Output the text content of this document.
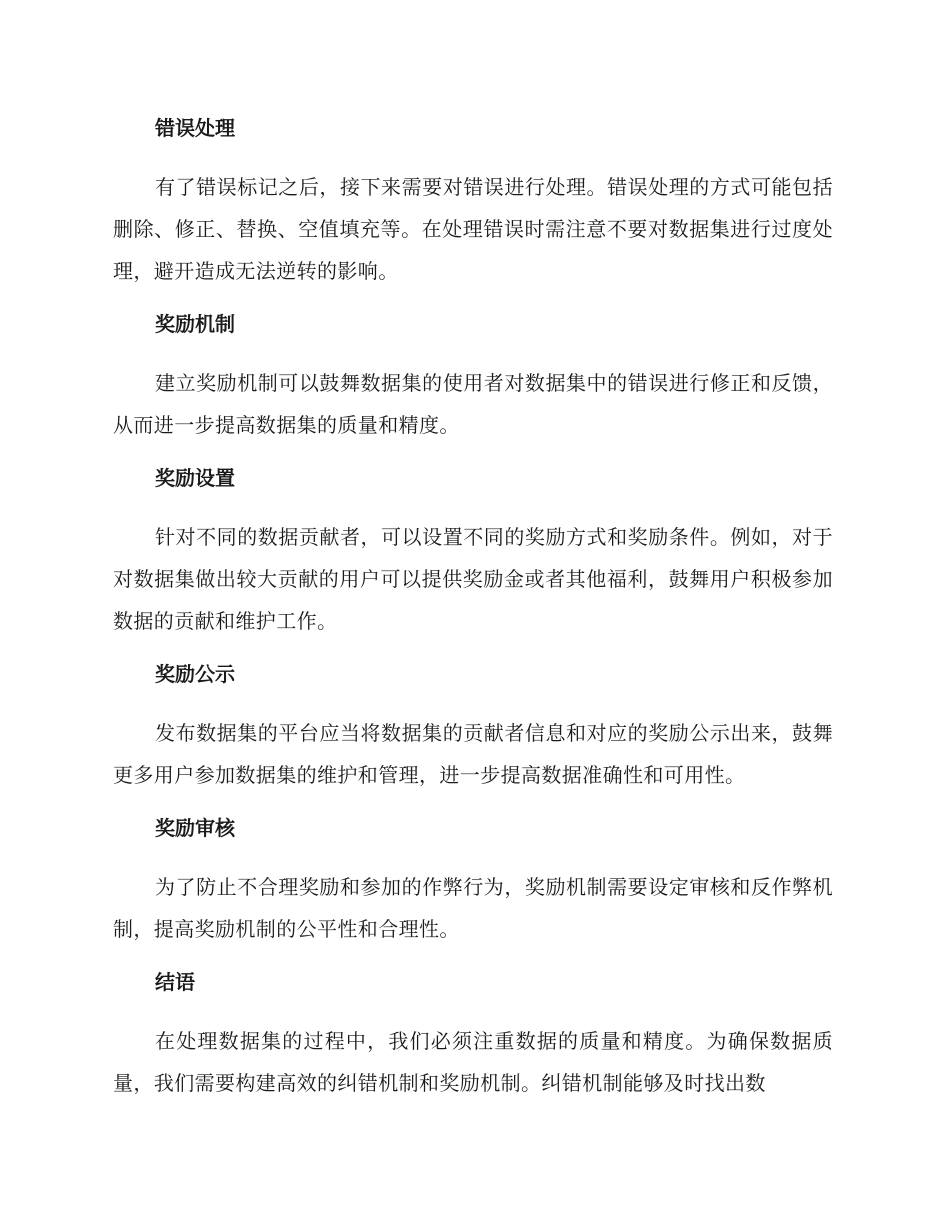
错误处理

有了错误标记之后，接下来需要对错误进行处理。错误处理的方式可能包括删除、修正、替换、空值填充等。在处理错误时需注意不要对数据集进行过度处理，避开造成无法逆转的影响。

奖励机制

建立奖励机制可以鼓舞数据集的使用者对数据集中的错误进行修正和反馈，从而进一步提高数据集的质量和精度。

奖励设置

针对不同的数据贡献者，可以设置不同的奖励方式和奖励条件。例如，对于对数据集做出较大贡献的用户可以提供奖励金或者其他福利，鼓舞用户积极参加数据的贡献和维护工作。

奖励公示

发布数据集的平台应当将数据集的贡献者信息和对应的奖励公示出来，鼓舞更多用户参加数据集的维护和管理，进一步提高数据准确性和可用性。

奖励审核

为了防止不合理奖励和参加的作弊行为，奖励机制需要设定审核和反作弊机制，提高奖励机制的公平性和合理性。

结语

在处理数据集的过程中，我们必须注重数据的质量和精度。为确保数据质量，我们需要构建高效的纠错机制和奖励机制。纠错机制能够及时找出数
